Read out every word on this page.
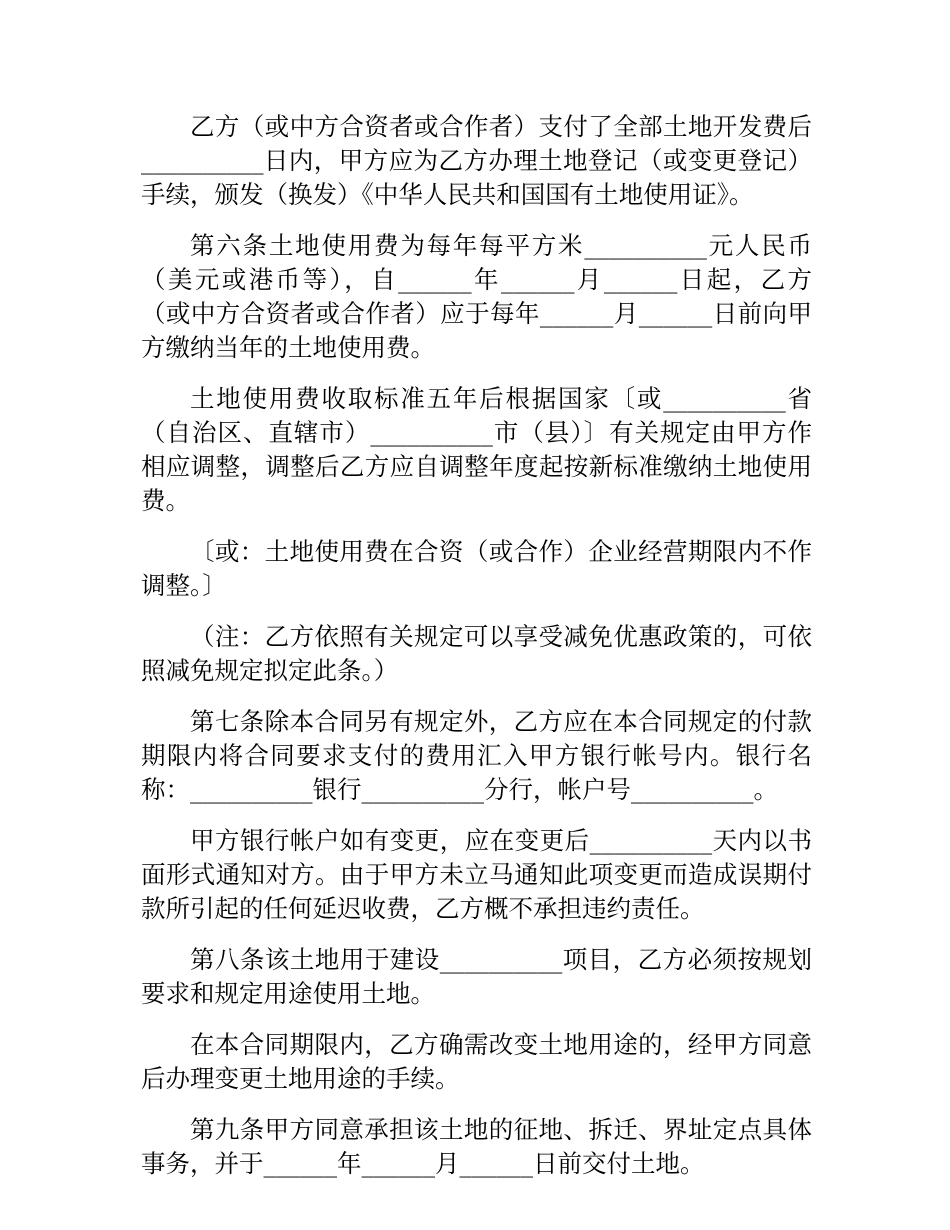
乙方（或中方合资者或合作者）支付了全部土地开发费后__________日内，甲方应为乙方办理土地登记（或变更登记）手续，颁发（换发）《中华人民共和国国有土地使用证》。

第六条土地使用费为每年每平方米__________元人民币（美元或港币等），自______年______月______日起，乙方（或中方合资者或合作者）应于每年______月______日前向甲方缴纳当年的土地使用费。

土地使用费收取标准五年后根据国家〔或__________省（自治区、直辖市）__________市（县）〕有关规定由甲方作相应调整，调整后乙方应自调整年度起按新标准缴纳土地使用费。

〔或：土地使用费在合资（或合作）企业经营期限内不作调整。〕

（注：乙方依照有关规定可以享受减免优惠政策的，可依照减免规定拟定此条。）

第七条除本合同另有规定外，乙方应在本合同规定的付款期限内将合同要求支付的费用汇入甲方银行帐号内。银行名称：__________银行__________分行，帐户号__________。

甲方银行帐户如有变更，应在变更后__________天内以书面形式通知对方。由于甲方未立马通知此项变更而造成误期付款所引起的任何延迟收费，乙方概不承担违约责任。

第八条该土地用于建设__________项目，乙方必须按规划要求和规定用途使用土地。

在本合同期限内，乙方确需改变土地用途的，经甲方同意后办理变更土地用途的手续。

第九条甲方同意承担该土地的征地、拆迁、界址定点具体事务，并于______年______月______日前交付土地。
